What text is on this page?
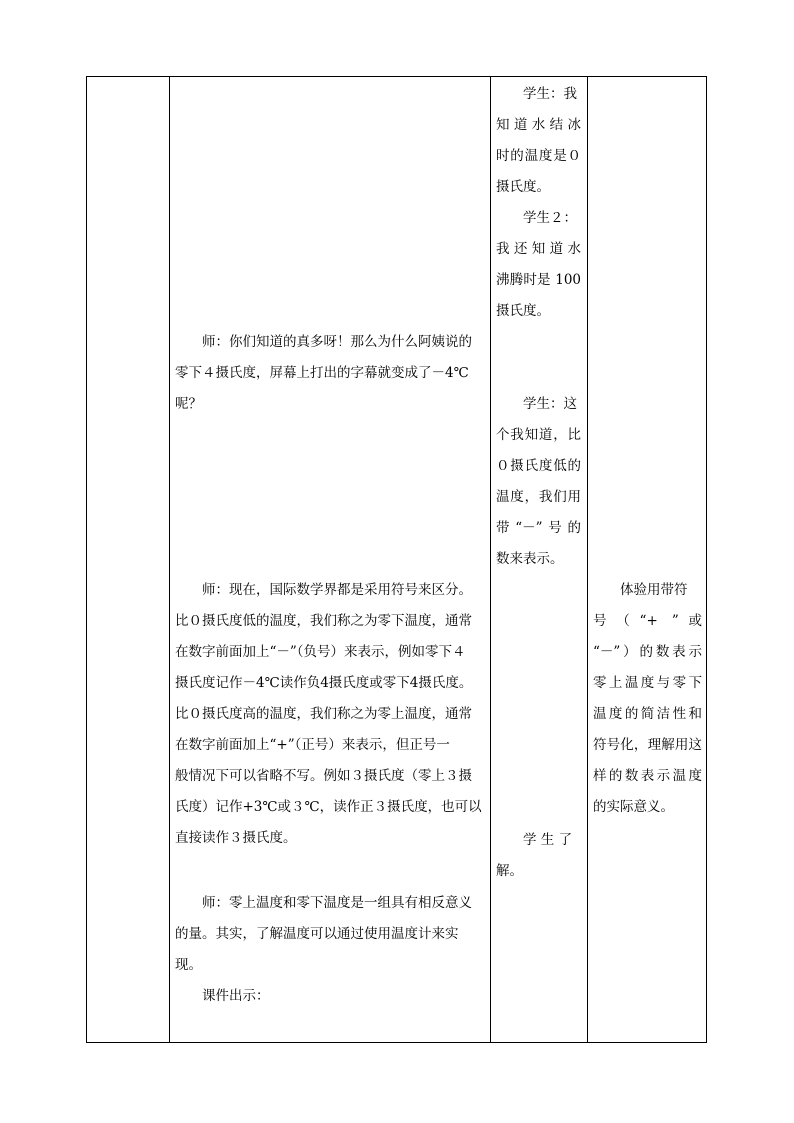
师：你们知道的真多呀！那么为什么阿姨说的

零下４摄氏度，屏幕上打出的字幕就变成了－4℃

呢？

师：现在，国际数学界都是采用符号来区分。

比０摄氏度低的温度，我们称之为零下温度，通常

在数字前面加上“－”（负号）来表示，例如零下４

摄氏度记作－4℃读作负4摄氏度或零下4摄氏度。

比０摄氏度高的温度，我们称之为零上温度，通常

在数字前面加上“+”（正号）来表示，但正号一

般情况下可以省略不写。例如３摄氏度（零上３摄

氏度）记作+3℃或３℃，读作正３摄氏度，也可以

直接读作３摄氏度。

师：零上温度和零下温度是一组具有相反意义

的量。其实，了解温度可以通过使用温度计来实现。

课件出示：

学生：我

知道水结冰

时的温度是０

摄氏度。

学生２：

我还知道水

沸腾时是 100

摄氏度。

学生：这

个我知道，比

０摄氏度低的

温度，我们用

带“－”号的

数来表示。

学 生 了

解。

体验用带符

号（“+ ”或

“－”）的数表示

零上温度与零下

温度的简洁性和

符号化，理解用这

样的数表示温度

的实际意义。
